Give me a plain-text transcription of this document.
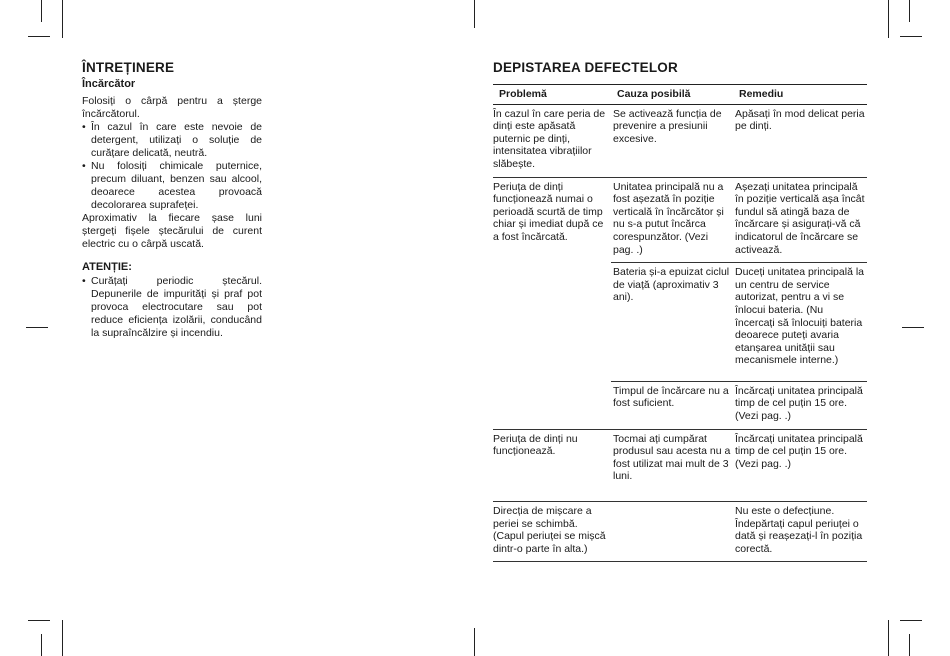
ÎNTREȚINERE
Încărcător

Folosiți o cârpă pentru a șterge încărcătorul.

• În cazul în care este nevoie de detergent, utilizați o soluție de curățare delicată, neutră.
• Nu folosiți chimicale puternice, precum diluant, benzen sau alcool, deoarece acestea provoacă decolorarea suprafeței.

Aproximativ la fiecare șase luni ștergeți fișele ștecărului de curent electric cu o cârpă uscată.

ATENȚIE:
• Curățați periodic ștecărul. Depunerile de impurități și praf pot provoca electrocutare sau pot reduce eficiența izolării, conducând la supraîncălzire și incendiu.
DEPISTAREA DEFECTELOR
Problemă	Cauza posibilă	Remediu
În cazul în care peria de dinți este apăsată puternic pe dinți, intensitatea vibrațiilor slăbește.	Se activează funcția de prevenire a presiunii excesive.	Apăsați în mod delicat peria pe dinți.
Periuța de dinți funcționează numai o perioadă scurtă de timp chiar și imediat după ce a fost încărcată.	Unitatea principală nu a fost așezată în poziție verticală în încărcător și nu s-a putut încărca corespunzător. (Vezi pag. .)	Așezați unitatea principală în poziție verticală așa încât fundul să atingă baza de încărcare și asigurați-vă că indicatorul de încărcare se activează.
	Bateria și-a epuizat ciclul de viață (aproximativ 3 ani).	Duceți unitatea principală la un centru de service autorizat, pentru a vi se înlocui bateria. (Nu încercați să înlocuiți bateria deoarece puteți avaria etanșarea unității sau mecanismele interne.)
	Timpul de încărcare nu a fost suficient.	Încărcați unitatea principală timp de cel puțin 15 ore. (Vezi pag. .)
Periuța de dinți nu funcționează.	Tocmai ați cumpărat produsul sau acesta nu a fost utilizat mai mult de 3 luni.	Încărcați unitatea principală timp de cel puțin 15 ore. (Vezi pag. .)
Direcția de mișcare a periei se schimbă. (Capul periuței se mișcă dintr-o parte în alta.)		Nu este o defecțiune. Îndepărtați capul periuței o dată și reașezați-l în poziția corectă.
